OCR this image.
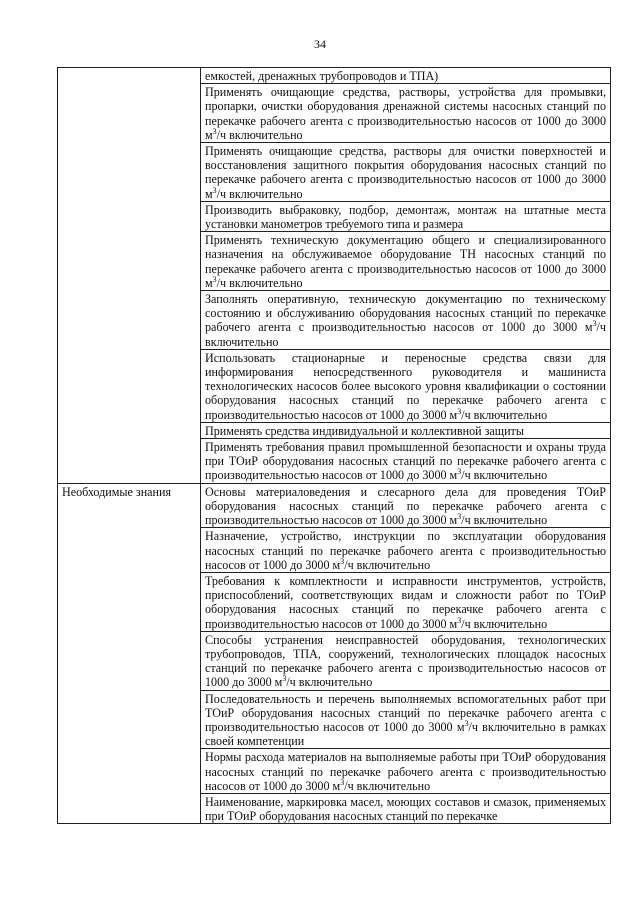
34
	емкостей, дренажных трубопроводов и ТПА)
	Применять очищающие средства, растворы, устройства для промывки, пропарки, очистки оборудования дренажной системы насосных станций по перекачке рабочего агента с производительностью насосов от 1000 до 3000 $м^3/ч$ включительно
	Применять очищающие средства, растворы для очистки поверхностей и восстановления защитного покрытия оборудования насосных станций по перекачке рабочего агента с производительностью насосов от 1000 до 3000 $м^3/ч$ включительно
	Производить выбраковку, подбор, демонтаж, монтаж на штатные места установки манометров требуемого типа и размера
	Применять техническую документацию общего и специализированного назначения на обслуживаемое оборудование ТН насосных станций по перекачке рабочего агента с производительностью насосов от 1000 до 3000 $м^3/ч$ включительно
	Заполнять оперативную, техническую документацию по техническому состоянию и обслуживанию оборудования насосных станций по перекачке рабочего агента с производительностью насосов от 1000 до 3000 $м^3/ч$ включительно
	Использовать стационарные и переносные средства связи для информирования непосредственного руководителя и машиниста технологических насосов более высокого уровня квалификации о состоянии оборудования насосных станций по перекачке рабочего агента с производительностью насосов от 1000 до 3000 $м^3/ч$ включительно
	Применять средства индивидуальной и коллективной защиты
	Применять требования правил промышленной безопасности и охраны труда при ТОиР оборудования насосных станций по перекачке рабочего агента с производительностью насосов от 1000 до 3000 $м^3/ч$ включительно
Необходимые знания	Основы материаловедения и слесарного дела для проведения ТОиР оборудования насосных станций по перекачке рабочего агента с производительностью насосов от 1000 до 3000 $м^3/ч$ включительно
	Назначение, устройство, инструкции по эксплуатации оборудования насосных станций по перекачке рабочего агента с производительностью насосов от 1000 до 3000 $м^3/ч$ включительно
	Требования к комплектности и исправности инструментов, устройств, приспособлений, соответствующих видам и сложности работ по ТОиР оборудования насосных станций по перекачке рабочего агента с производительностью насосов от 1000 до 3000 $м^3/ч$ включительно
	Способы устранения неисправностей оборудования, технологических трубопроводов, ТПА, сооружений, технологических площадок насосных станций по перекачке рабочего агента с производительностью насосов от 1000 до 3000 $м^3/ч$ включительно
	Последовательность и перечень выполняемых вспомогательных работ при ТОиР оборудования насосных станций по перекачке рабочего агента с производительностью насосов от 1000 до 3000 $м^3/ч$ включительно в рамках своей компетенции
	Нормы расхода материалов на выполняемые работы при ТОиР оборудования насосных станций по перекачке рабочего агента с производительностью насосов от 1000 до 3000 $м^3/ч$ включительно
	Наименование, маркировка масел, моющих составов и смазок, применяемых при ТОиР оборудования насосных станций по перекачке
